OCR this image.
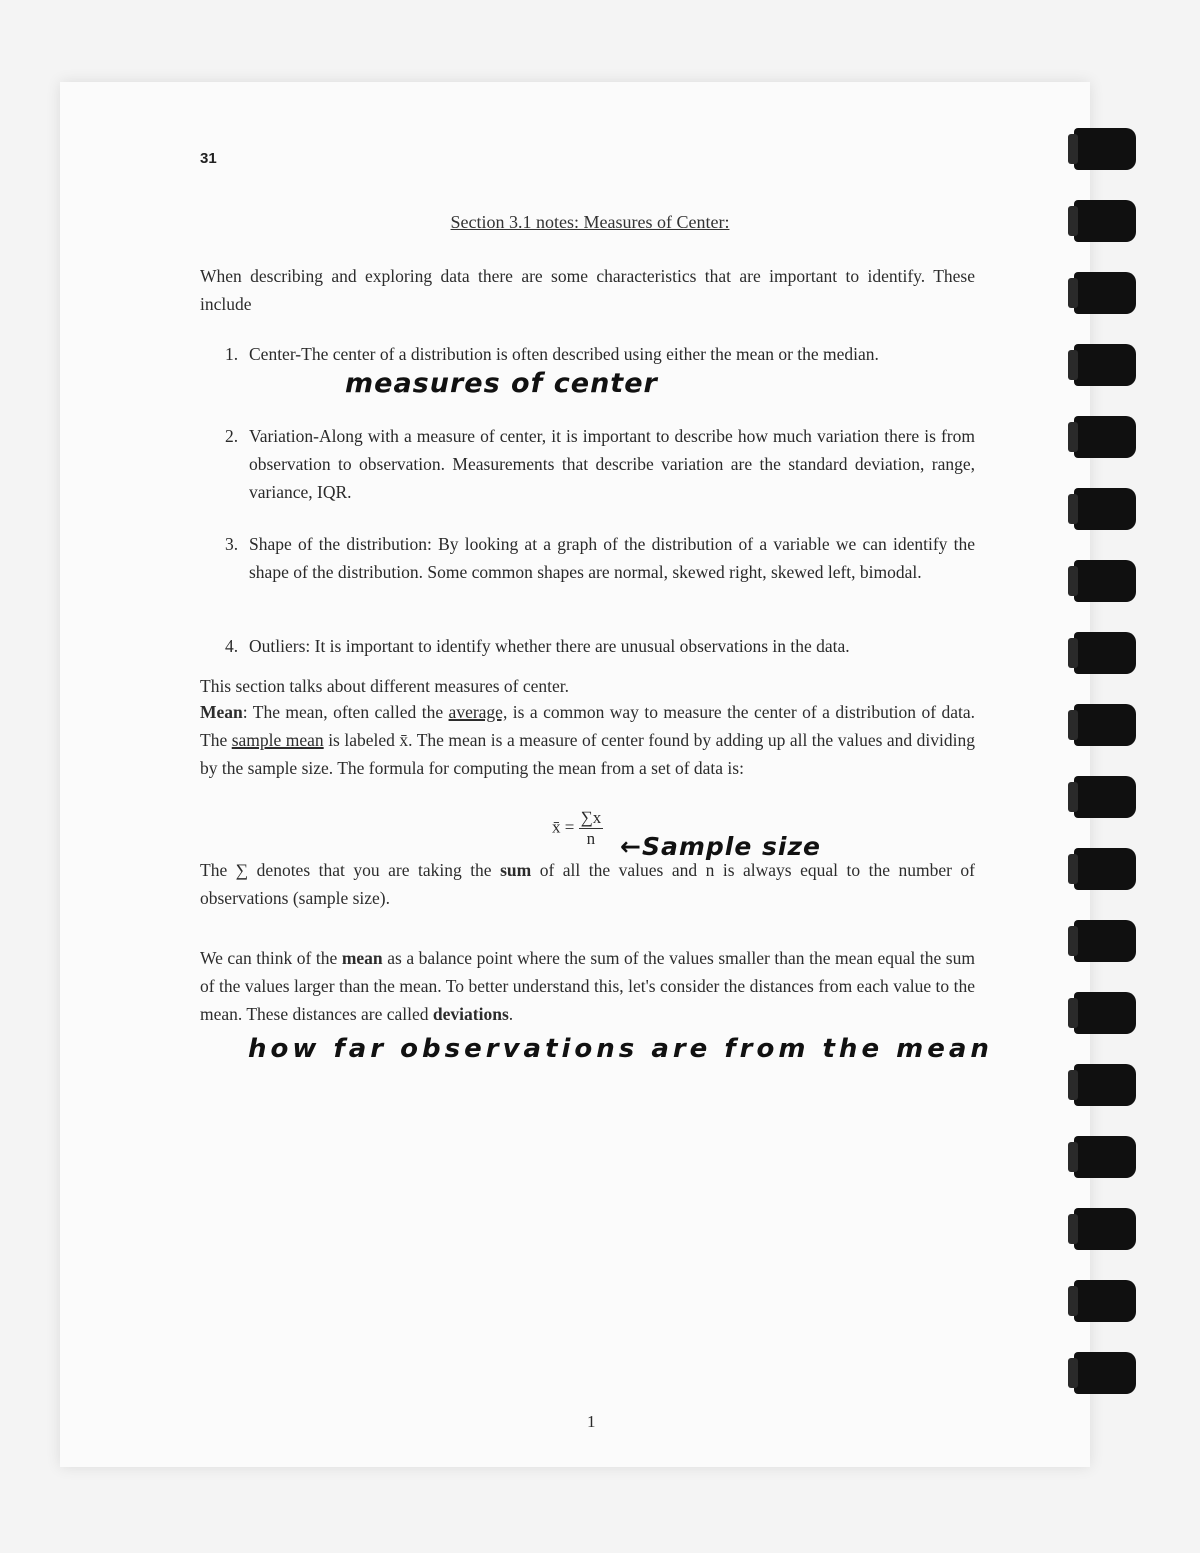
31
Section 3.1 notes: Measures of Center:
When describing and exploring data there are some characteristics that are important to identify. These include
1. Center-The center of a distribution is often described using either the mean or the median.
measures of center
2. Variation-Along with a measure of center, it is important to describe how much variation there is from observation to observation. Measurements that describe variation are the standard deviation, range, variance, IQR.
3. Shape of the distribution: By looking at a graph of the distribution of a variable we can identify the shape of the distribution. Some common shapes are normal, skewed right, skewed left, bimodal.
4. Outliers: It is important to identify whether there are unusual observations in the data.
This section talks about different measures of center.
Mean: The mean, often called the average, is a common way to measure the center of a distribution of data. The sample mean is labeled x̄. The mean is a measure of center found by adding up all the values and dividing by the sample size. The formula for computing the mean from a set of data is:
x̄ = $\frac{\sum x}{n}$ ←Sample size
The ∑ denotes that you are taking the sum of all the values and n is always equal to the number of observations (sample size).
We can think of the mean as a balance point where the sum of the values smaller than the mean equal the sum of the values larger than the mean. To better understand this, let's consider the distances from each value to the mean. These distances are called deviations.
how far observations are from the mean
1
